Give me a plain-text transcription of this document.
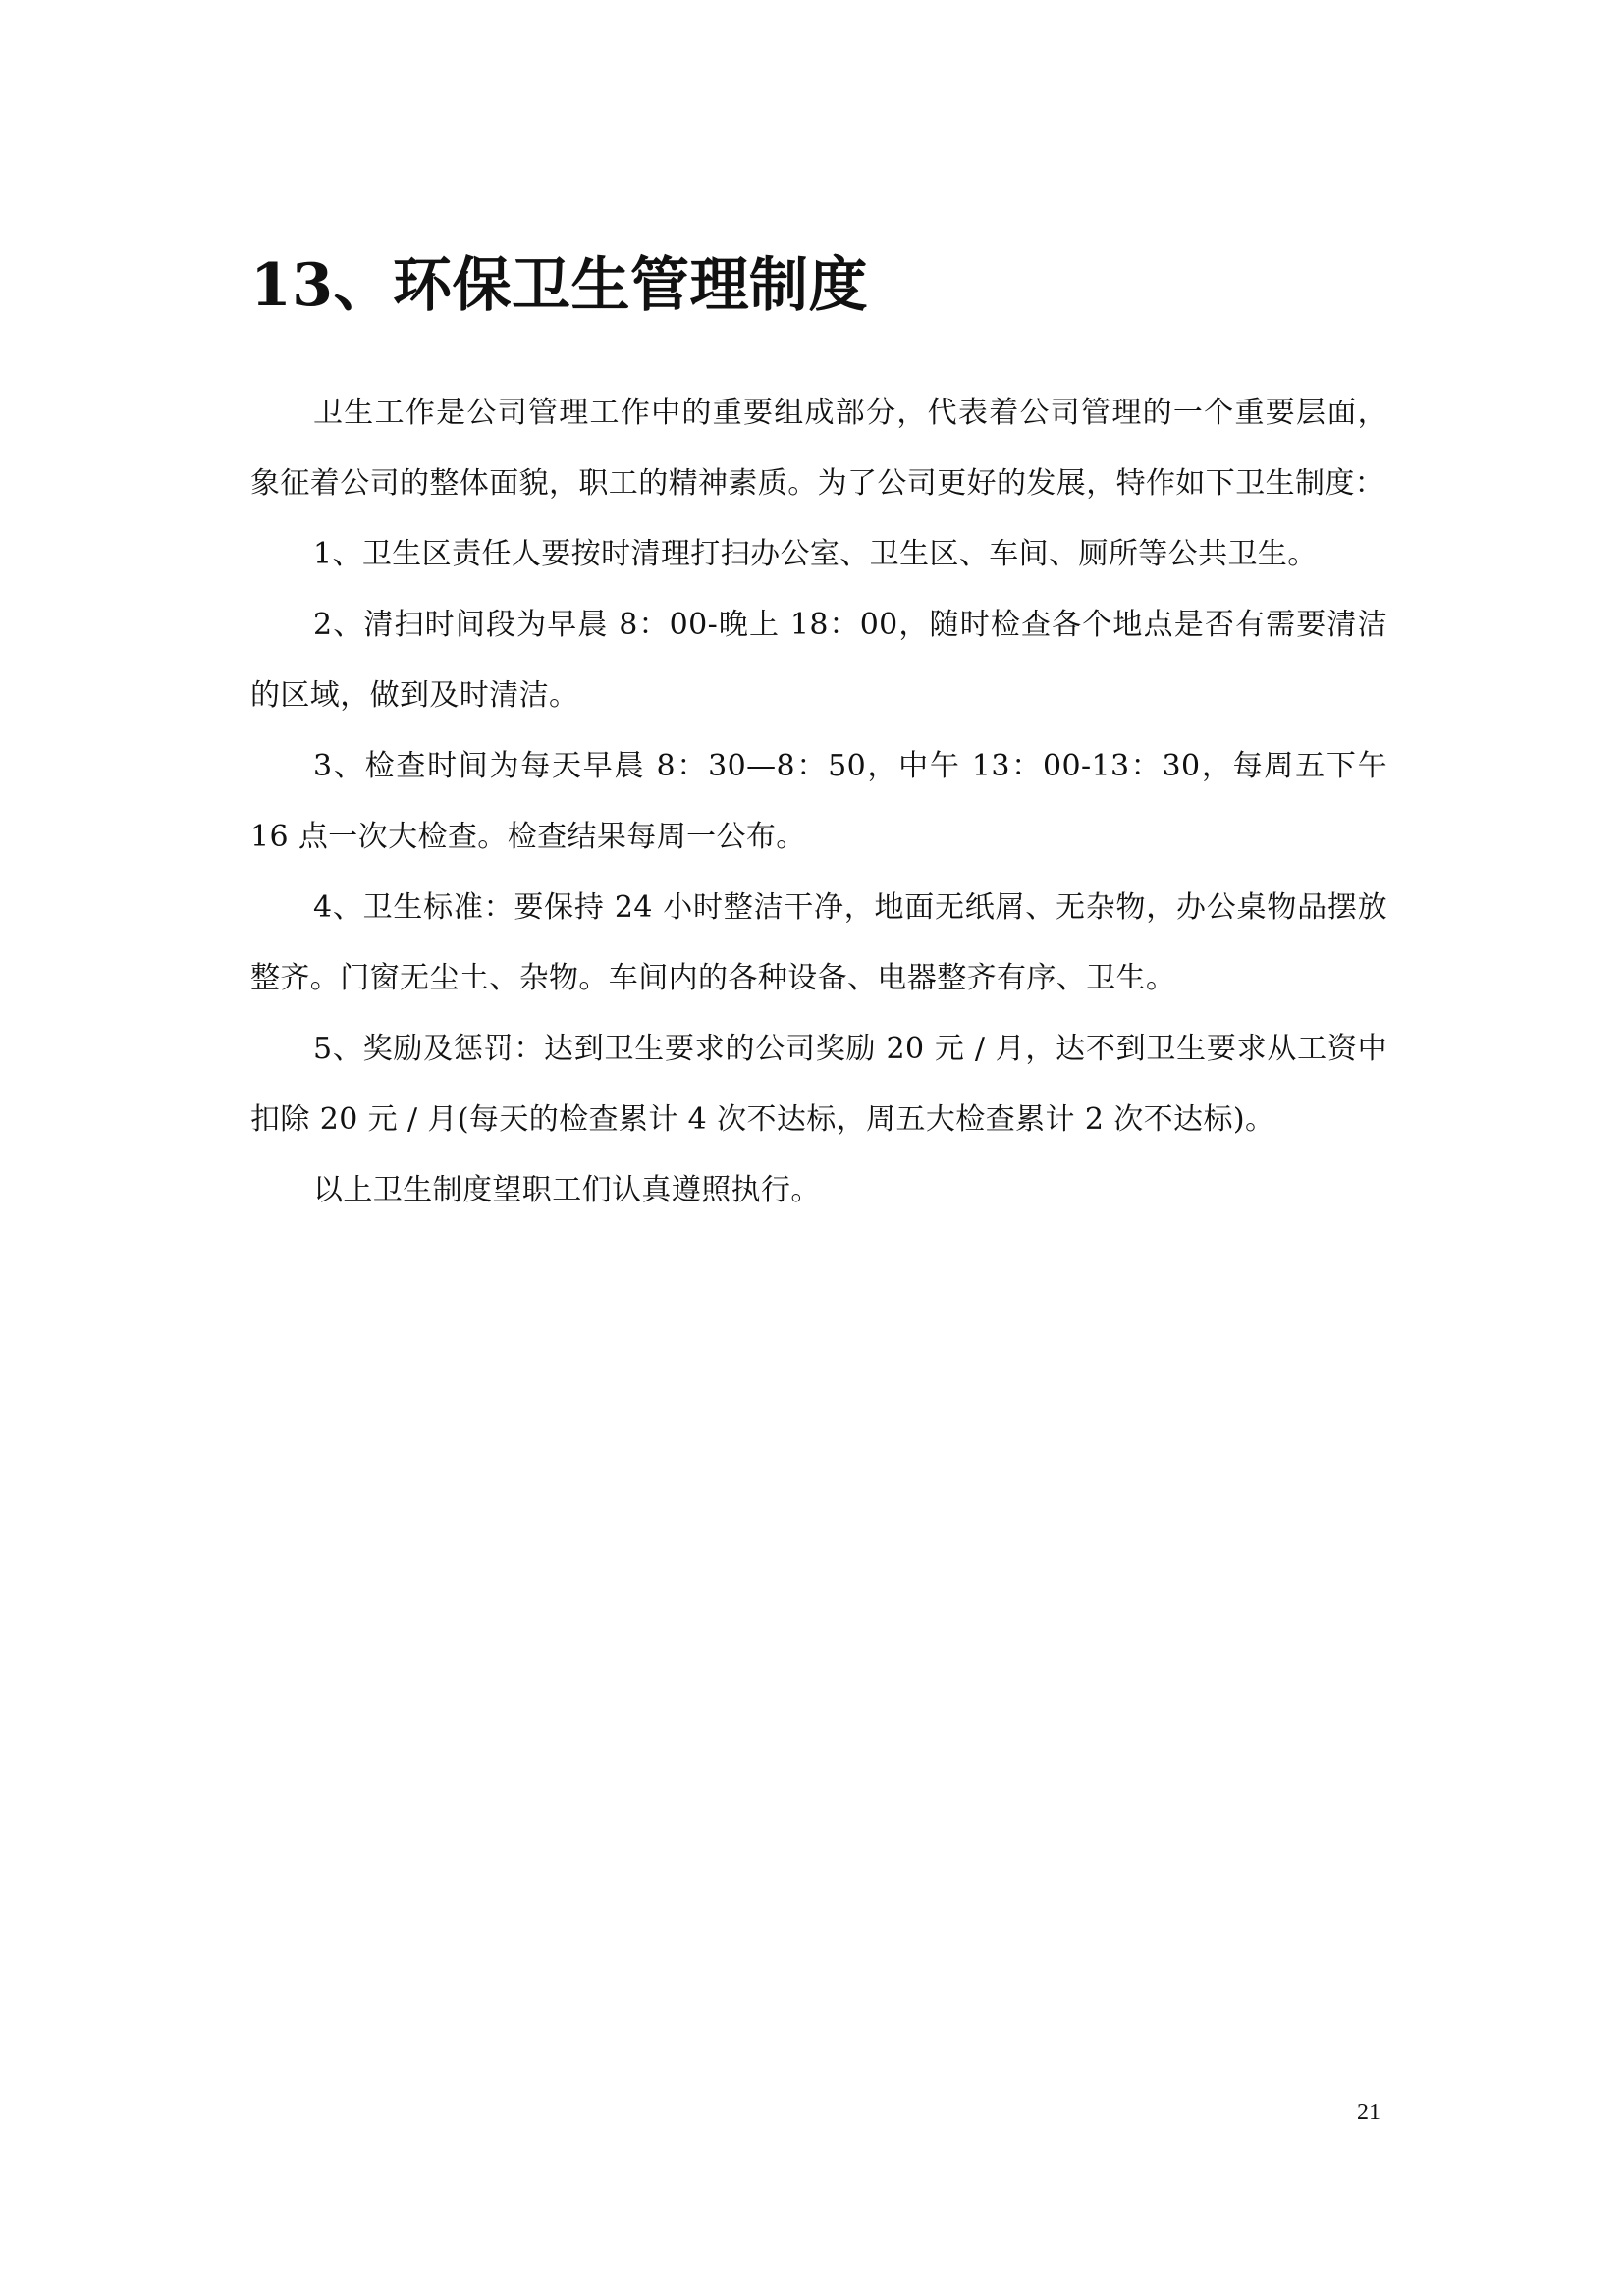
13、环保卫生管理制度

卫生工作是公司管理工作中的重要组成部分，代表着公司管理的一个重要层面，象征着公司的整体面貌，职工的精神素质。为了公司更好的发展，特作如下卫生制度：

1、卫生区责任人要按时清理打扫办公室、卫生区、车间、厕所等公共卫生。

2、清扫时间段为早晨 8：00-晚上 18：00，随时检查各个地点是否有需要清洁的区域，做到及时清洁。

3、检查时间为每天早晨 8：30—8：50，中午 13：00-13：30，每周五下午 16 点一次大检查。检查结果每周一公布。

4、卫生标准：要保持 24 小时整洁干净，地面无纸屑、无杂物，办公桌物品摆放整齐。门窗无尘土、杂物。车间内的各种设备、电器整齐有序、卫生。

5、奖励及惩罚：达到卫生要求的公司奖励 20 元 / 月，达不到卫生要求从工资中扣除 20 元 / 月(每天的检查累计 4 次不达标，周五大检查累计 2 次不达标)。

以上卫生制度望职工们认真遵照执行。

21
